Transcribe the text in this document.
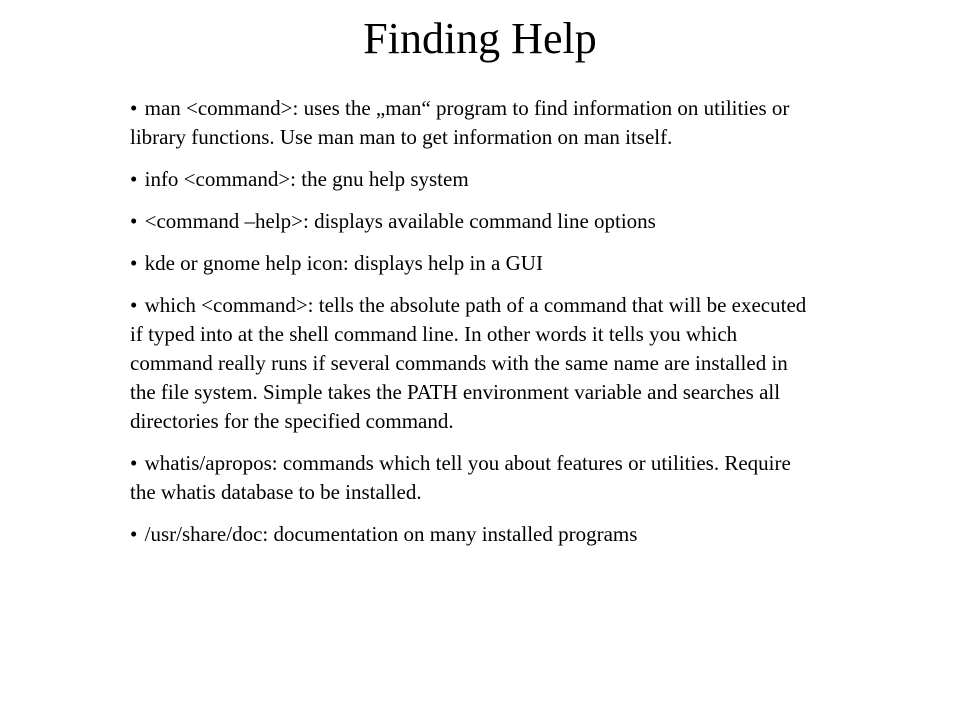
Finding Help
• man <command>: uses the „man“ program to find information on utilities or library functions. Use man man to get information on man itself.
• info <command>: the gnu help system
• <command –help>: displays available command line options
• kde or gnome help icon: displays help in a GUI
• which <command>: tells the absolute path of a command that will be executed if typed into at the shell command line. In other words it tells you which command really runs if several commands with the same name are installed in the file system. Simple takes the PATH environment variable and searches all directories for the specified command.
• whatis/apropos: commands which tell you about features or utilities. Require the whatis database to be installed.
• /usr/share/doc: documentation on many installed programs
